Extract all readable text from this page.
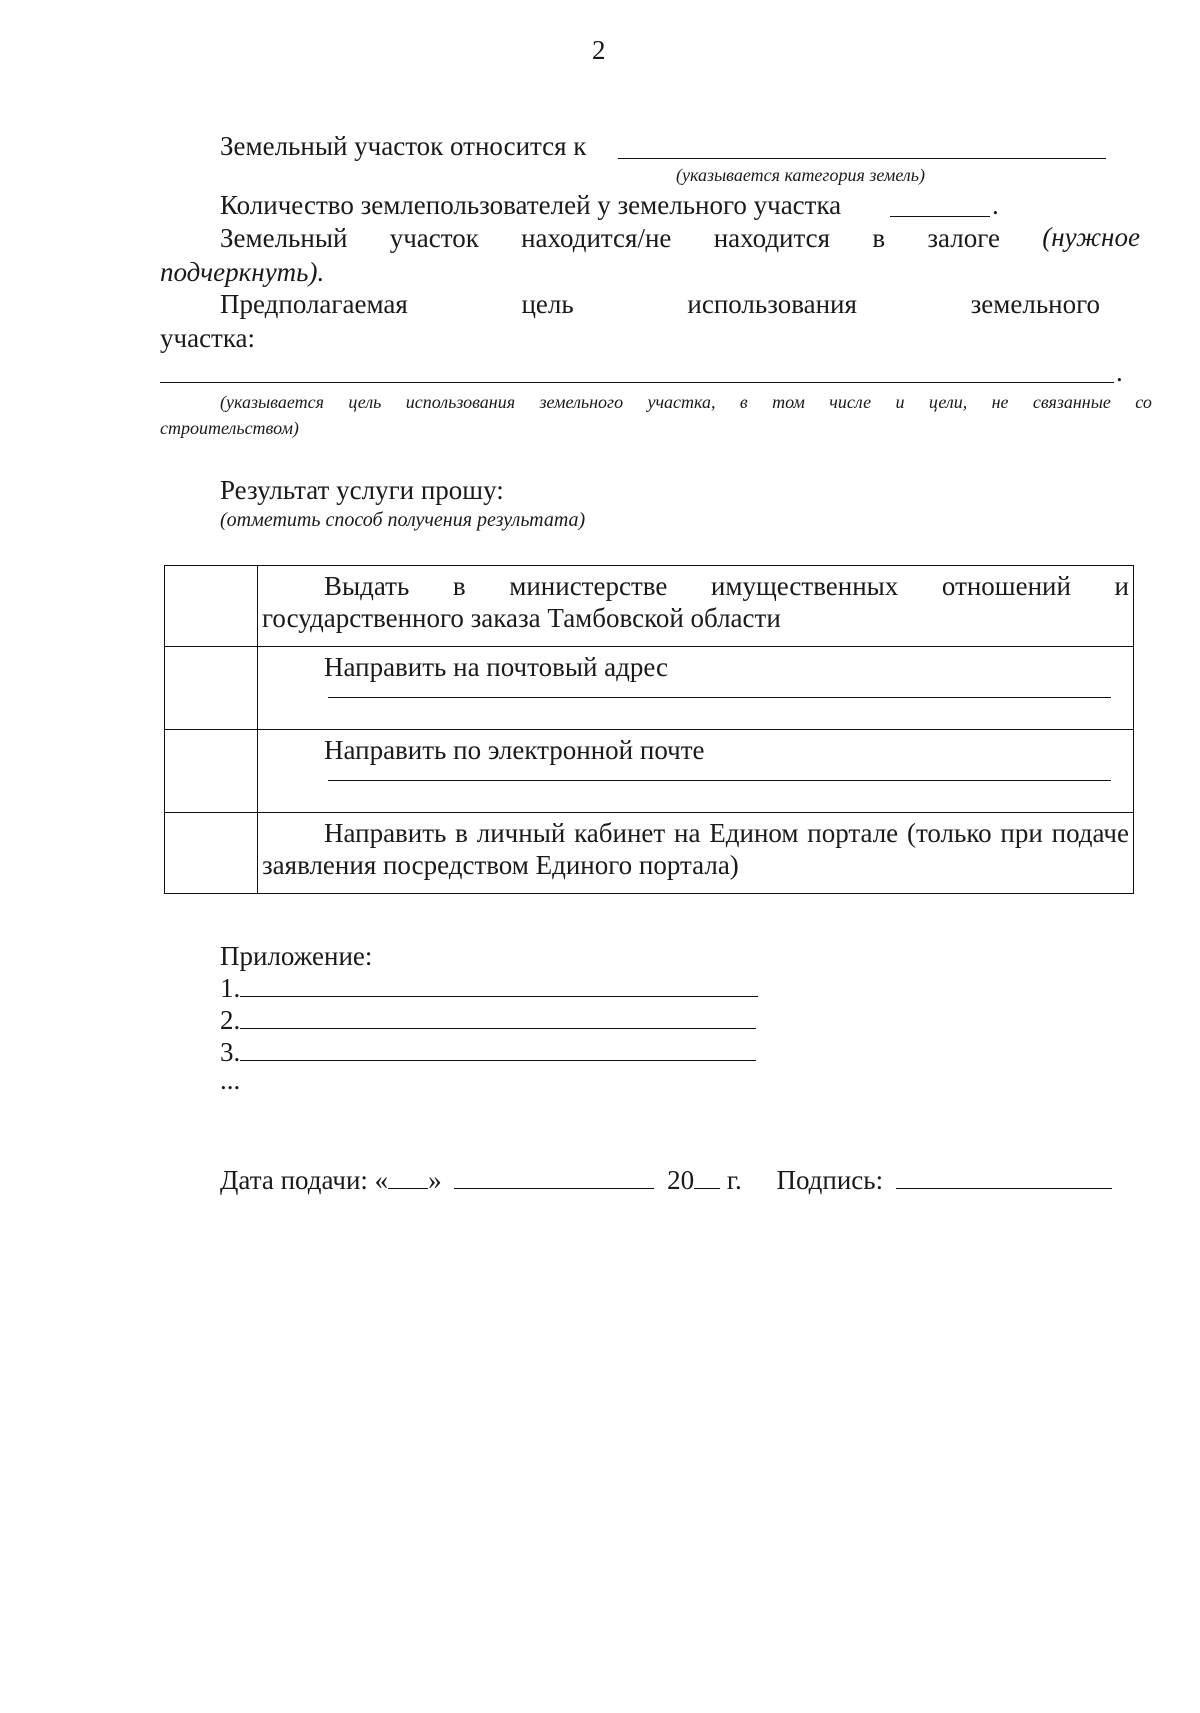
2
Земельный участок относится к
(указывается категория земель)
Количество землепользователей у земельного участка	.
Земельный участок находится/не находится в залоге (нужное
подчеркнуть).
Предполагаемая	цель	использования	земельного
участка:
.
(указывается цель использования земельного участка, в том числе и цели, не связанные со
строительством)
Результат услуги прошу:
(отметить способ получения результата)
	Выдать в министерстве имущественных отношений и государственного заказа Тамбовской области

	Направить на почтовый адрес

	Направить по электронной почте

	Направить в личный кабинет на Едином портале (только при подаче заявления посредством Единого портала)
Приложение:
1.
2.
3.
...
Дата подачи: « »	20 г. Подпись:
